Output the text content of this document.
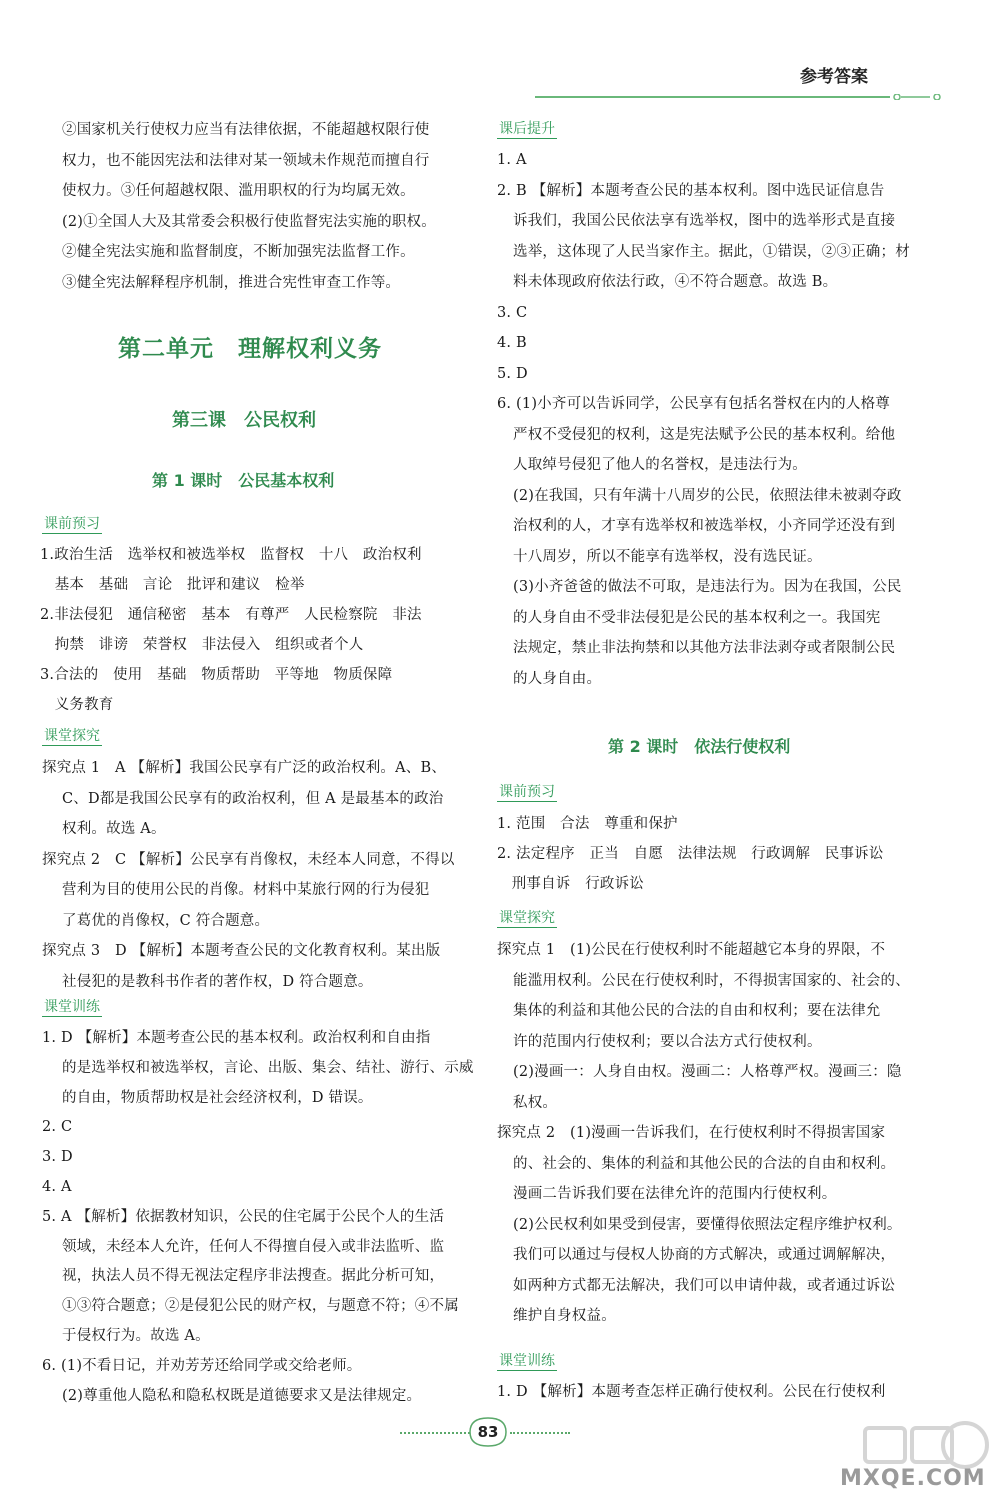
参考答案
②国家机关行使权力应当有法律依据，不能超越权限行使
权力，也不能因宪法和法律对某一领域未作规范而擅自行
使权力。③任何超越权限、滥用职权的行为均属无效。
(2)①全国人大及其常委会积极行使监督宪法实施的职权。
②健全宪法实施和监督制度，不断加强宪法监督工作。
③健全宪法解释程序机制，推进合宪性审查工作等。
第二单元　理解权利义务
第三课　公民权利
第 1 课时　公民基本权利
课前预习
1.政治生活　选举权和被选举权　监督权　十八　政治权利
　基本　基础　言论　批评和建议　检举
2.非法侵犯　通信秘密　基本　有尊严　人民检察院　非法
　拘禁　诽谤　荣誉权　非法侵入　组织或者个人
3.合法的　使用　基础　物质帮助　平等地　物质保障
　义务教育
课堂探究
探究点 1　A 【解析】我国公民享有广泛的政治权利。A、B、
C、D都是我国公民享有的政治权利，但 A 是最基本的政治
权利。故选 A。
探究点 2　C 【解析】公民享有肖像权，未经本人同意，不得以
营利为目的使用公民的肖像。材料中某旅行网的行为侵犯
了葛优的肖像权，C 符合题意。
探究点 3　D 【解析】本题考查公民的文化教育权利。某出版
社侵犯的是教科书作者的著作权，D 符合题意。
课堂训练
1. D 【解析】本题考查公民的基本权利。政治权利和自由指
的是选举权和被选举权，言论、出版、集会、结社、游行、示威
的自由，物质帮助权是社会经济权利，D 错误。
2. C
3. D
4. A
5. A 【解析】依据教材知识，公民的住宅属于公民个人的生活
领域，未经本人允许，任何人不得擅自侵入或非法监听、监
视，执法人员不得无视法定程序非法搜查。据此分析可知，
①③符合题意；②是侵犯公民的财产权，与题意不符；④不属
于侵权行为。故选 A。
6. (1)不看日记，并劝芳芳还给同学或交给老师。
(2)尊重他人隐私和隐私权既是道德要求又是法律规定。
课后提升
1. A
2. B 【解析】本题考查公民的基本权利。图中选民证信息告
诉我们，我国公民依法享有选举权，图中的选举形式是直接
选举，这体现了人民当家作主。据此，①错误，②③正确；材
料未体现政府依法行政，④不符合题意。故选 B。
3. C
4. B
5. D
6. (1)小齐可以告诉同学，公民享有包括名誉权在内的人格尊
严权不受侵犯的权利，这是宪法赋予公民的基本权利。给他
人取绰号侵犯了他人的名誉权，是违法行为。
(2)在我国，只有年满十八周岁的公民，依照法律未被剥夺政
治权利的人，才享有选举权和被选举权，小齐同学还没有到
十八周岁，所以不能享有选举权，没有选民证。
(3)小齐爸爸的做法不可取，是违法行为。因为在我国，公民
的人身自由不受非法侵犯是公民的基本权利之一。我国宪
法规定，禁止非法拘禁和以其他方法非法剥夺或者限制公民
的人身自由。
第 2 课时　依法行使权利
课前预习
1. 范围　合法　尊重和保护
2. 法定程序　正当　自愿　法律法规　行政调解　民事诉讼
　刑事自诉　行政诉讼
课堂探究
探究点 1　(1)公民在行使权利时不能超越它本身的界限，不
能滥用权利。公民在行使权利时，不得损害国家的、社会的、
集体的利益和其他公民的合法的自由和权利；要在法律允
许的范围内行使权利；要以合法方式行使权利。
(2)漫画一：人身自由权。漫画二：人格尊严权。漫画三：隐
私权。
探究点 2　(1)漫画一告诉我们，在行使权利时不得损害国家
的、社会的、集体的利益和其他公民的合法的自由和权利。
漫画二告诉我们要在法律允许的范围内行使权利。
(2)公民权利如果受到侵害，要懂得依照法定程序维护权利。
我们可以通过与侵权人协商的方式解决，或通过调解解决，
如两种方式都无法解决，我们可以申请仲裁，或者通过诉讼
维护自身权益。
课堂训练
1. D 【解析】本题考查怎样正确行使权利。公民在行使权利
83
MXQE.COM
